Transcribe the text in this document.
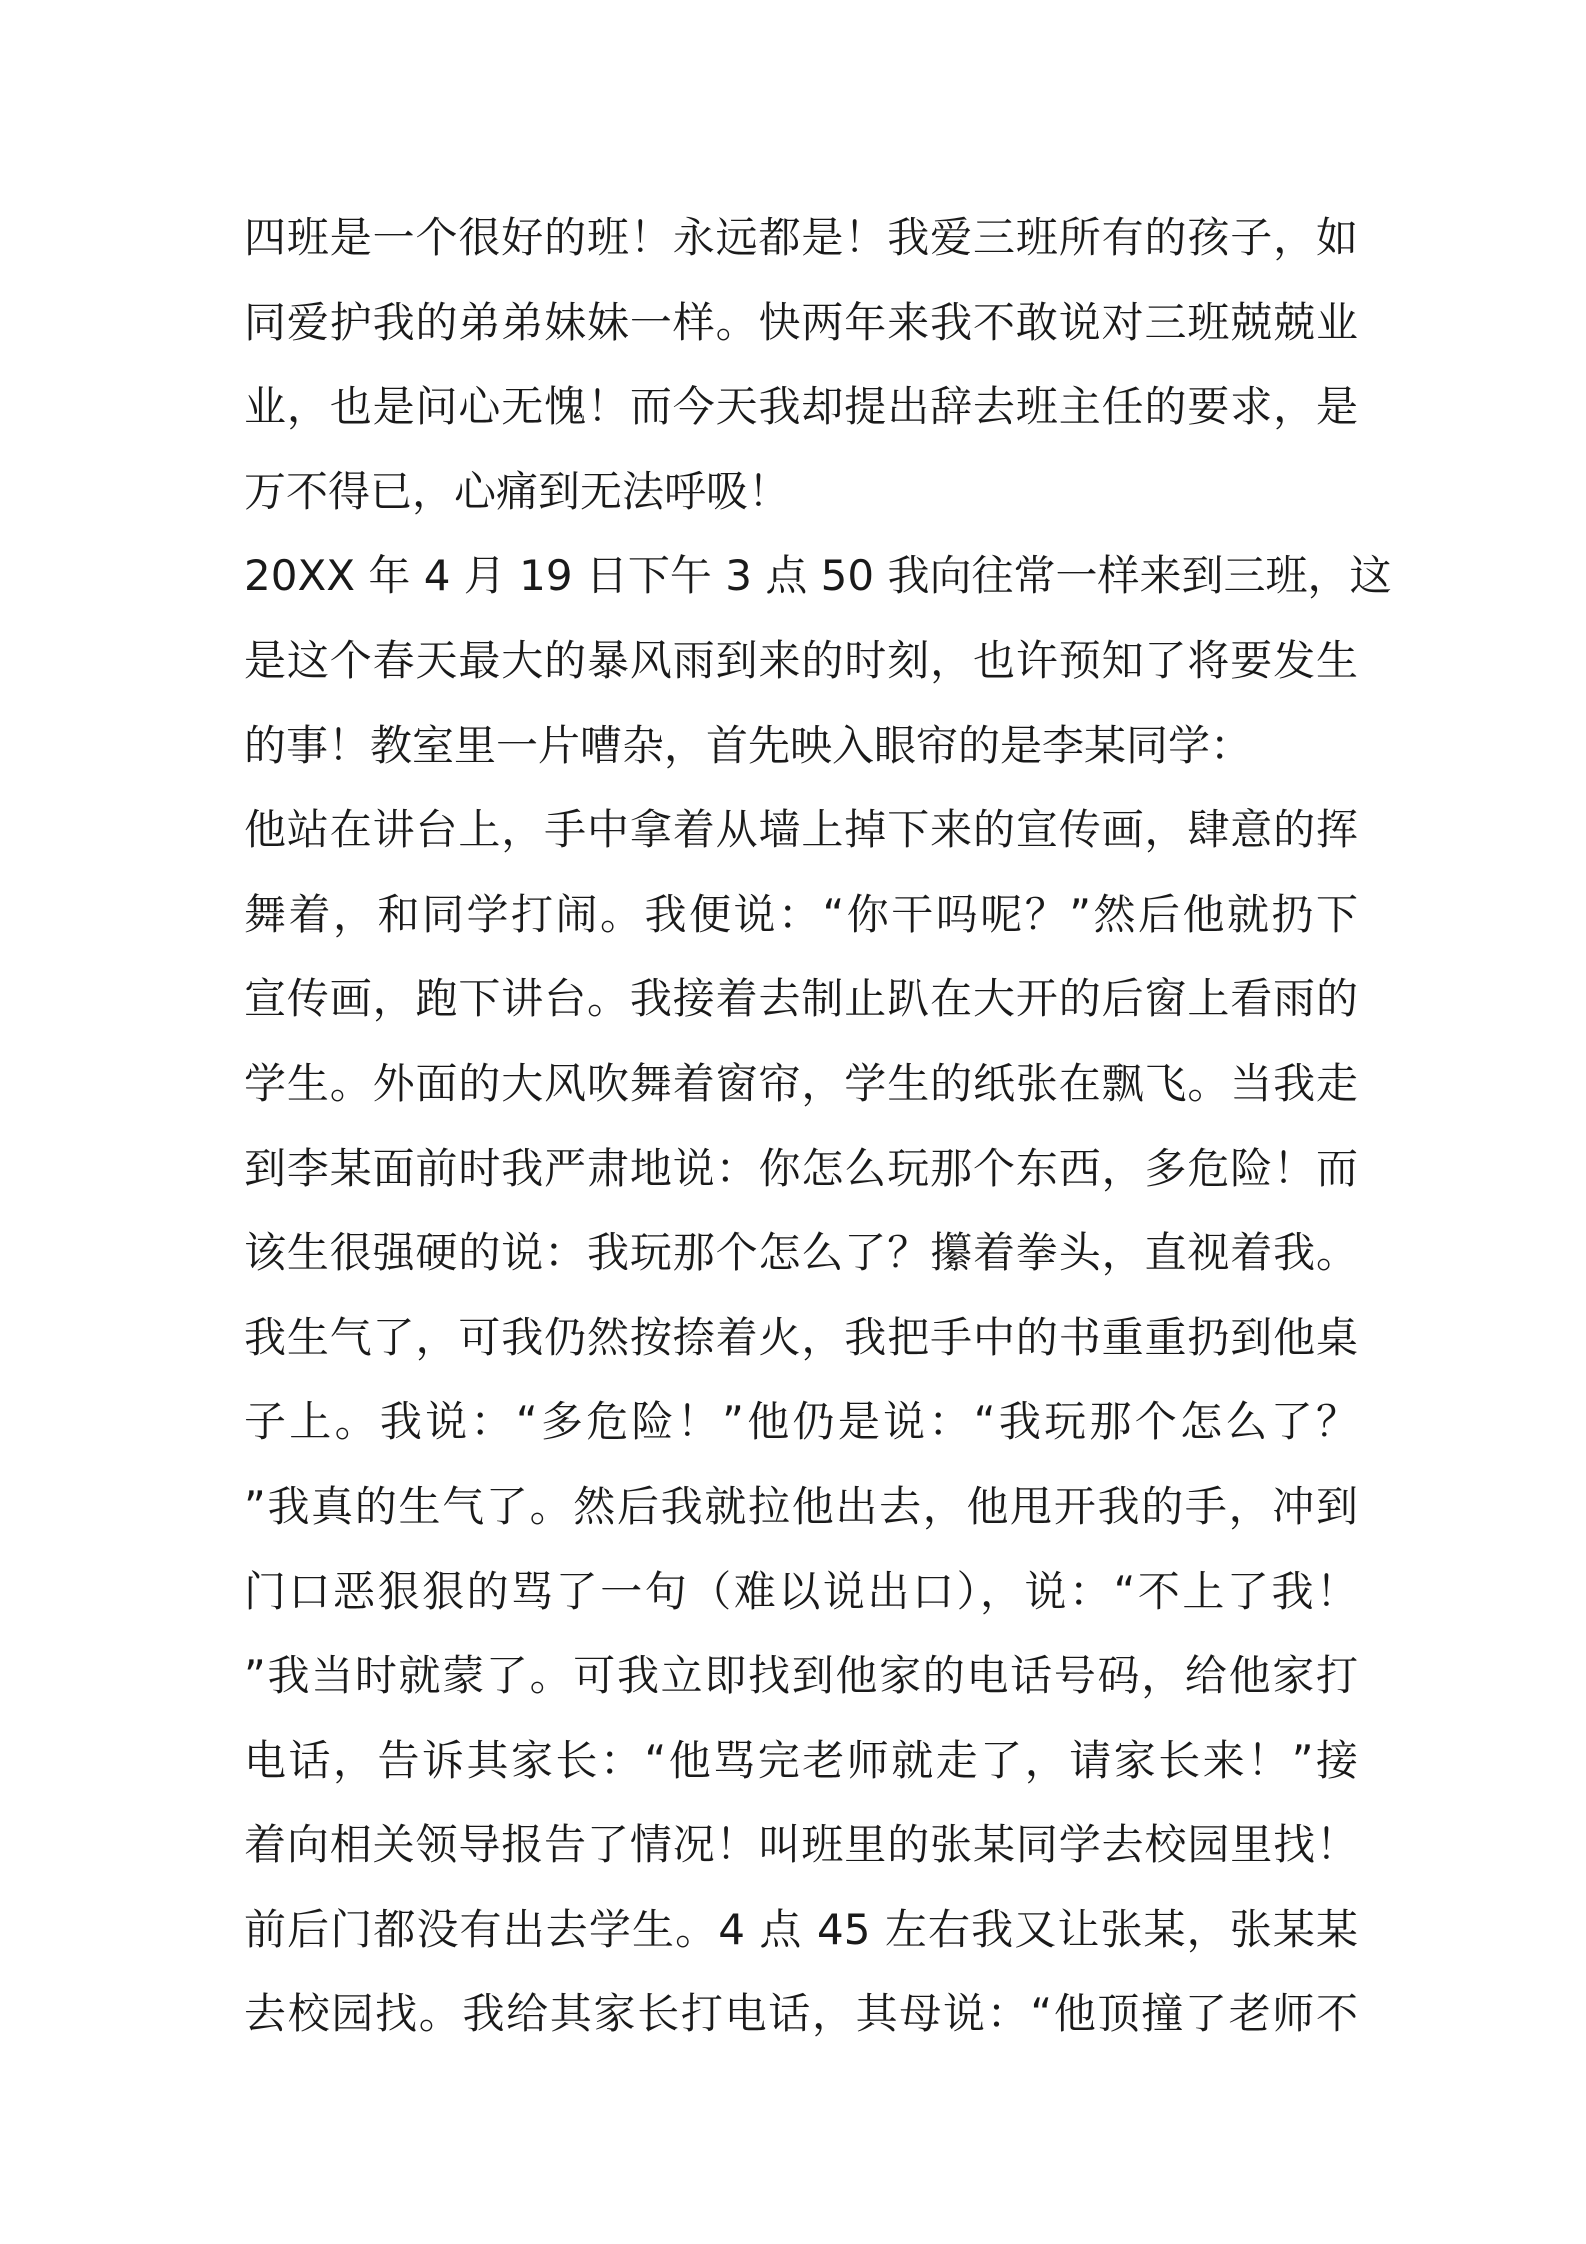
四班是一个很好的班！永远都是！我爱三班所有的孩子，如
同爱护我的弟弟妹妹一样。快两年来我不敢说对三班兢兢业
业，也是问心无愧！而今天我却提出辞去班主任的要求，是
万不得已，心痛到无法呼吸！
20XX 年 4 月 19 日下午 3 点 50 我向往常一样来到三班，这
是这个春天最大的暴风雨到来的时刻，也许预知了将要发生
的事！教室里一片嘈杂，首先映入眼帘的是李某同学：
他站在讲台上，手中拿着从墙上掉下来的宣传画，肆意的挥
舞着，和同学打闹。我便说：“你干吗呢？”然后他就扔下
宣传画，跑下讲台。我接着去制止趴在大开的后窗上看雨的
学生。外面的大风吹舞着窗帘，学生的纸张在飘飞。当我走
到李某面前时我严肃地说：你怎么玩那个东西，多危险！而
该生很强硬的说：我玩那个怎么了？攥着拳头，直视着我。
我生气了，可我仍然按捺着火，我把手中的书重重扔到他桌
子上。我说：“多危险！”他仍是说：“我玩那个怎么了？
”我真的生气了。然后我就拉他出去，他甩开我的手，冲到
门口恶狠狠的骂了一句（难以说出口），说：“不上了我！
”我当时就蒙了。可我立即找到他家的电话号码，给他家打
电话，告诉其家长：“他骂完老师就走了，请家长来！”接
着向相关领导报告了情况！叫班里的张某同学去校园里找！
前后门都没有出去学生。4 点 45 左右我又让张某，张某某
去校园找。我给其家长打电话，其母说：“他顶撞了老师不
